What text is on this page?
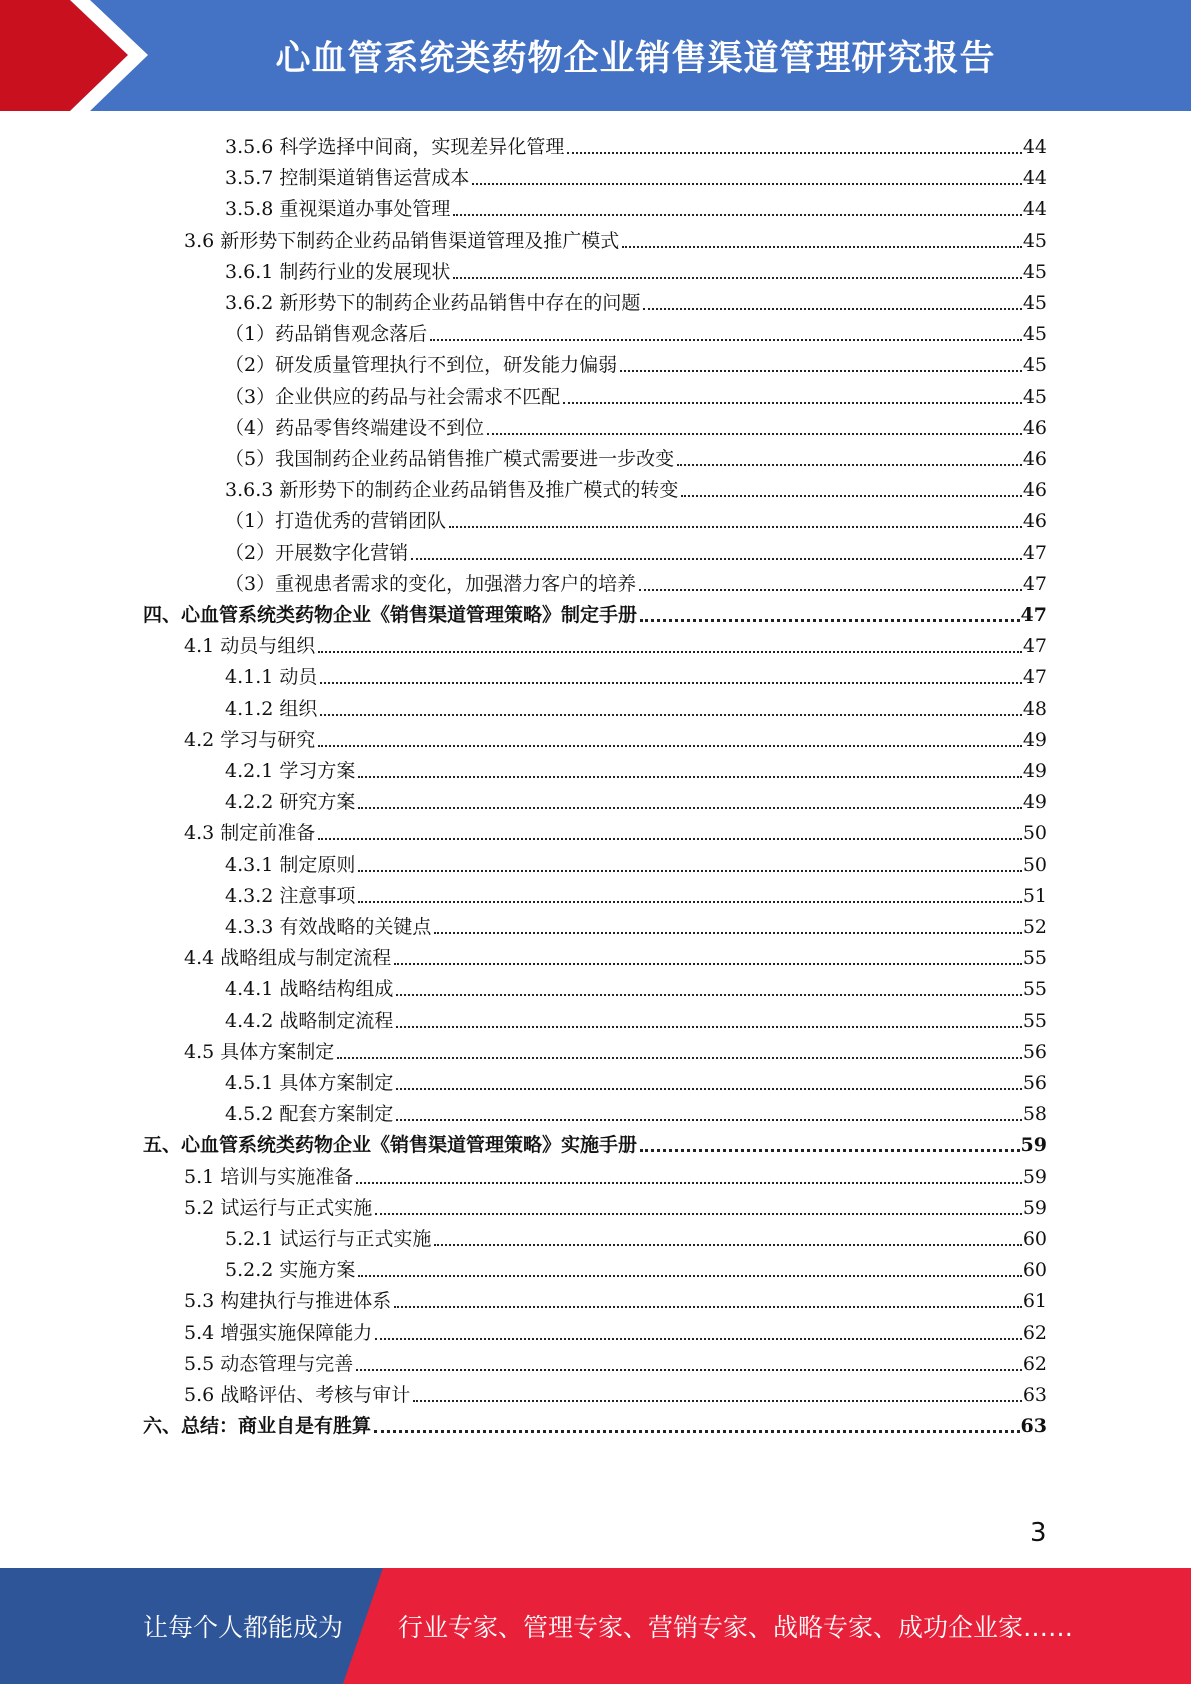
心血管系统类药物企业销售渠道管理研究报告
3.5.6 科学选择中间商，实现差异化管理	44
3.5.7 控制渠道销售运营成本	44
3.5.8 重视渠道办事处管理	44
3.6 新形势下制药企业药品销售渠道管理及推广模式	45
3.6.1 制药行业的发展现状	45
3.6.2 新形势下的制药企业药品销售中存在的问题	45
（1）药品销售观念落后	45
（2）研发质量管理执行不到位，研发能力偏弱	45
（3）企业供应的药品与社会需求不匹配	45
（4）药品零售终端建设不到位	46
（5）我国制药企业药品销售推广模式需要进一步改变	46
3.6.3 新形势下的制药企业药品销售及推广模式的转变	46
（1）打造优秀的营销团队	46
（2）开展数字化营销	47
（3）重视患者需求的变化，加强潜力客户的培养	47
四、心血管系统类药物企业《销售渠道管理策略》制定手册	47
4.1 动员与组织	47
4.1.1 动员	47
4.1.2 组织	48
4.2 学习与研究	49
4.2.1 学习方案	49
4.2.2 研究方案	49
4.3 制定前准备	50
4.3.1 制定原则	50
4.3.2 注意事项	51
4.3.3 有效战略的关键点	52
4.4 战略组成与制定流程	55
4.4.1 战略结构组成	55
4.4.2 战略制定流程	55
4.5 具体方案制定	56
4.5.1 具体方案制定	56
4.5.2 配套方案制定	58
五、心血管系统类药物企业《销售渠道管理策略》实施手册	59
5.1 培训与实施准备	59
5.2 试运行与正式实施	59
5.2.1 试运行与正式实施	60
5.2.2 实施方案	60
5.3 构建执行与推进体系	61
5.4 增强实施保障能力	62
5.5 动态管理与完善	62
5.6 战略评估、考核与审计	63
六、总结：商业自是有胜算	63
3
让每个人都能成为 行业专家、管理专家、营销专家、战略专家、成功企业家……
